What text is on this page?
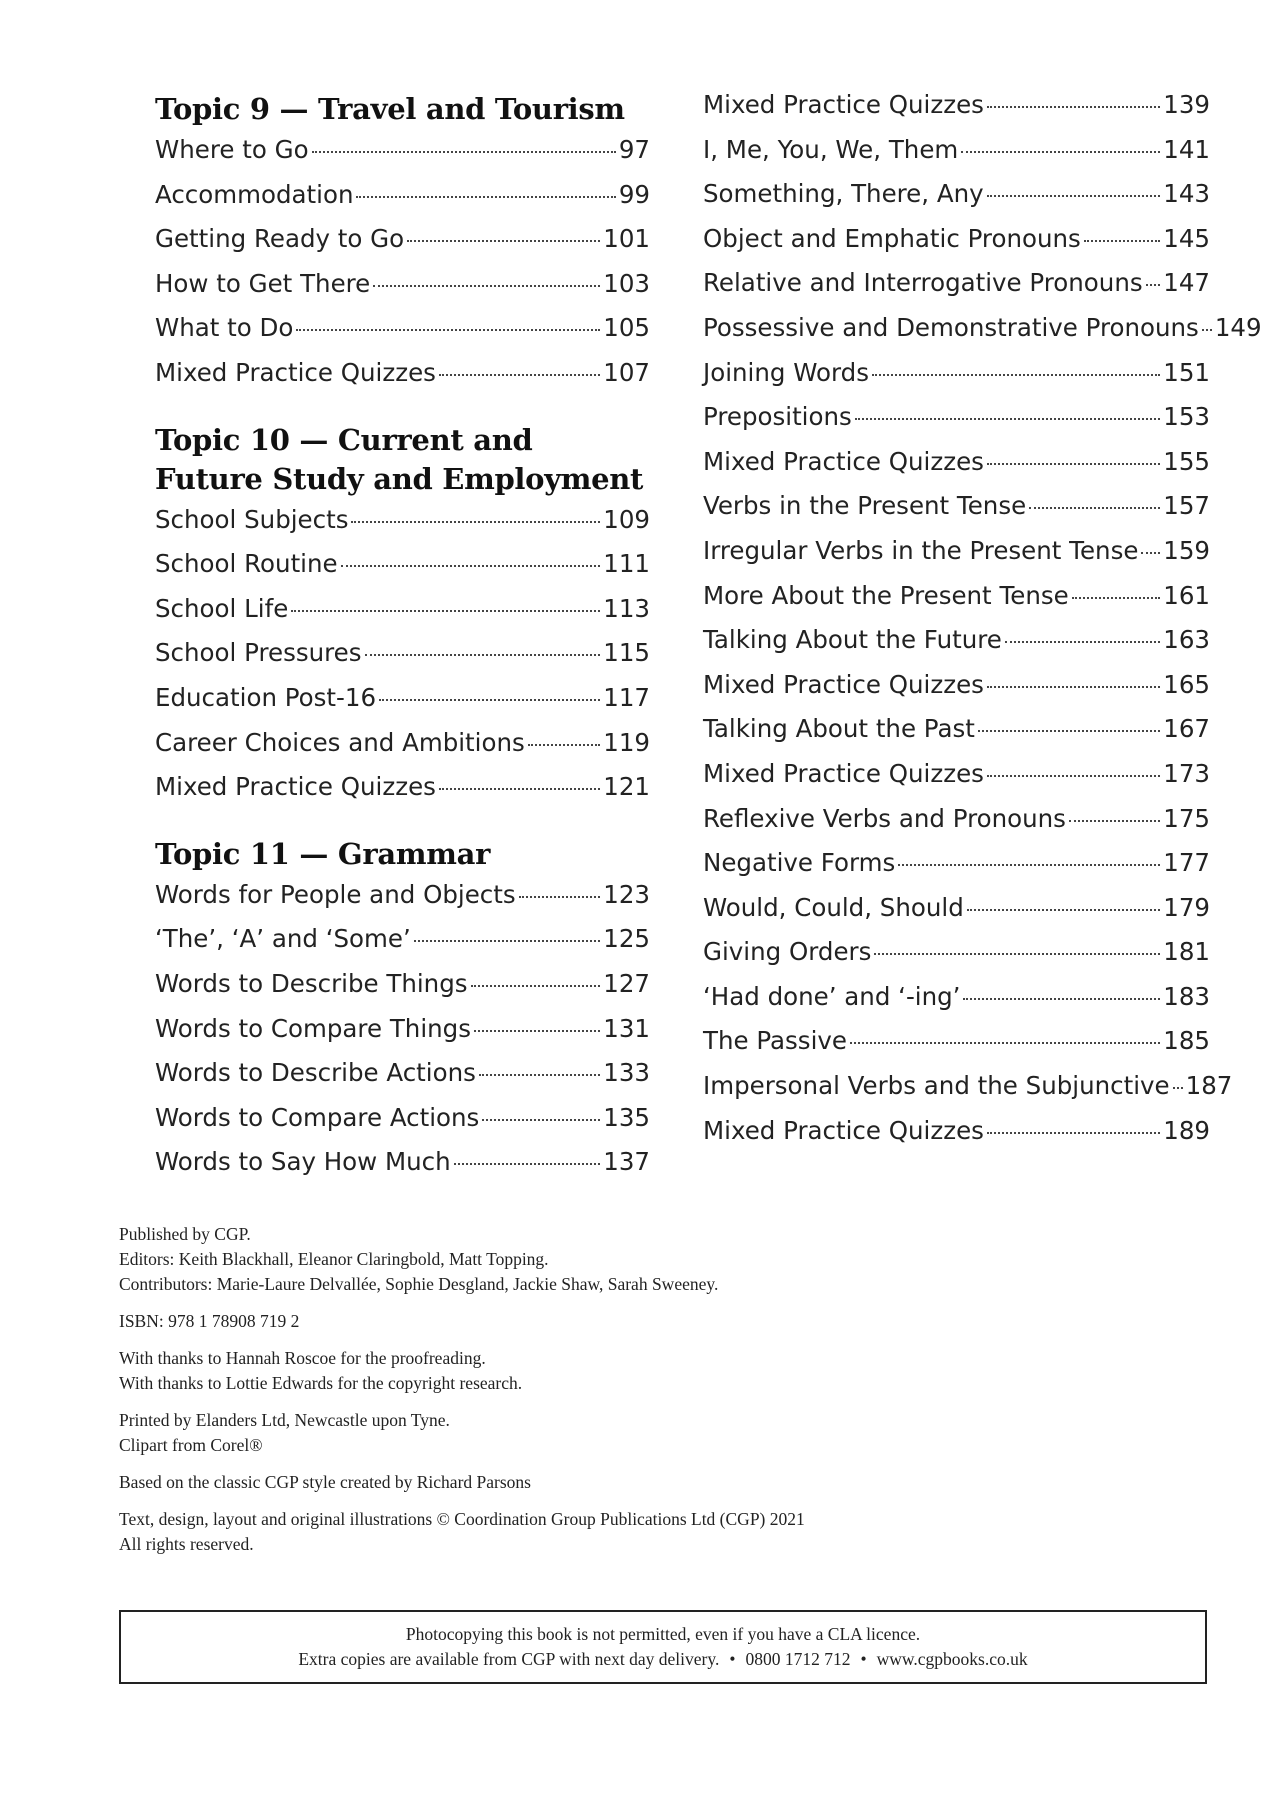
Topic 9 — Travel and Tourism
Where to Go	97
Accommodation	99
Getting Ready to Go	101
How to Get There	103
What to Do	105
Mixed Practice Quizzes	107
Topic 10 — Current and
Future Study and Employment
School Subjects	109
School Routine	111
School Life	113
School Pressures	115
Education Post-16	117
Career Choices and Ambitions	119
Mixed Practice Quizzes	121
Topic 11 — Grammar
Words for People and Objects	123
‘The’, ‘A’ and ‘Some’	125
Words to Describe Things	127
Words to Compare Things	131
Words to Describe Actions	133
Words to Compare Actions	135
Words to Say How Much	137
Mixed Practice Quizzes	139
I, Me, You, We, Them	141
Something, There, Any	143
Object and Emphatic Pronouns	145
Relative and Interrogative Pronouns 147
Possessive and Demonstrative Pronouns 149
Joining Words	151
Prepositions	153
Mixed Practice Quizzes	155
Verbs in the Present Tense	157
Irregular Verbs in the Present Tense 159
More About the Present Tense	161
Talking About the Future	163
Mixed Practice Quizzes	165
Talking About the Past	167
Mixed Practice Quizzes	173
Reflexive Verbs and Pronouns	175
Negative Forms	177
Would, Could, Should	179
Giving Orders	181
‘Had done’ and ‘-ing’	183
The Passive	185
Impersonal Verbs and the Subjunctive 187
Mixed Practice Quizzes	189

Published by CGP.
Editors: Keith Blackhall, Eleanor Claringbold, Matt Topping.
Contributors: Marie-Laure Delvallée, Sophie Desgland, Jackie Shaw, Sarah Sweeney.

ISBN: 978 1 78908 719 2

With thanks to Hannah Roscoe for the proofreading.
With thanks to Lottie Edwards for the copyright research.

Printed by Elanders Ltd, Newcastle upon Tyne.
Clipart from Corel®

Based on the classic CGP style created by Richard Parsons

Text, design, layout and original illustrations © Coordination Group Publications Ltd (CGP) 2021
All rights reserved.

Photocopying this book is not permitted, even if you have a CLA licence.
Extra copies are available from CGP with next day delivery. • 0800 1712 712 • www.cgpbooks.co.uk
